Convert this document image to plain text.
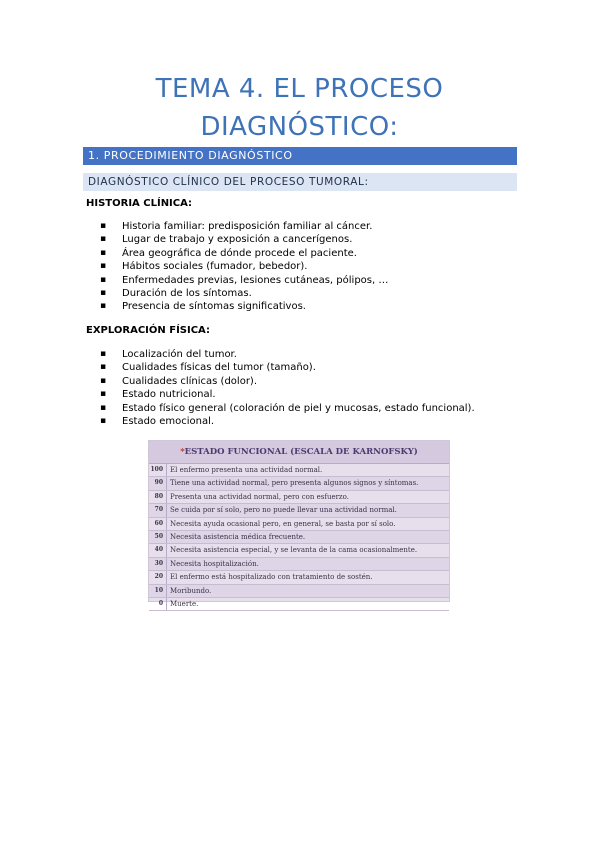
TEMA 4. EL PROCESO
DIAGNÓSTICO:
1. PROCEDIMIENTO DIAGNÓSTICO
DIAGNÓSTICO CLÍNICO DEL PROCESO TUMORAL:
HISTORIA CLÍNICA:
▪ Historia familiar: predisposición familiar al cáncer.
▪ Lugar de trabajo y exposición a cancerígenos.
▪ Área geográfica de dónde procede el paciente.
▪ Hábitos sociales (fumador, bebedor).
▪ Enfermedades previas, lesiones cutáneas, pólipos, …
▪ Duración de los síntomas.
▪ Presencia de síntomas significativos.
EXPLORACIÓN FÍSICA:
▪ Localización del tumor.
▪ Cualidades físicas del tumor (tamaño).
▪ Cualidades clínicas (dolor).
▪ Estado nutricional.
▪ Estado físico general (coloración de piel y mucosas, estado funcional).
▪ Estado emocional.
*ESTADO FUNCIONAL (ESCALA DE KARNOFSKY)
100	El enfermo presenta una actividad normal.
90	Tiene una actividad normal, pero presenta algunos signos y síntomas.
80	Presenta una actividad normal, pero con esfuerzo.
70	Se cuida por sí solo, pero no puede llevar una actividad normal.
60	Necesita ayuda ocasional pero, en general, se basta por sí solo.
50	Necesita asistencia médica frecuente.
40	Necesita asistencia especial, y se levanta de la cama ocasionalmente.
30	Necesita hospitalización.
20	El enfermo está hospitalizado con tratamiento de sostén.
10	Moribundo.
0	Muerte.
